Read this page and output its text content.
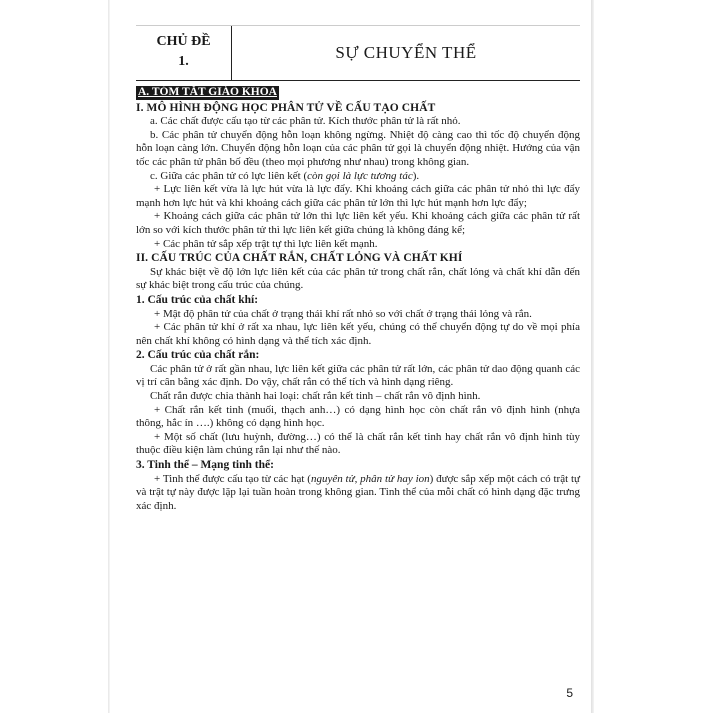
CHỦ ĐỀ
1.	SỰ CHUYỂN THỂ
A. TÓM TẮT GIÁO KHOA
I. MÔ HÌNH ĐỘNG HỌC PHÂN TỬ VỀ CẤU TẠO CHẤT

a. Các chất được cấu tạo từ các phân tử. Kích thước phân tử là rất nhỏ.

b. Các phân tử chuyển động hỗn loạn không ngừng. Nhiệt độ càng cao thì tốc độ chuyển động hỗn loạn càng lớn. Chuyển động hỗn loạn của các phân tử gọi là chuyển động nhiệt. Hướng của vận tốc các phân tử phân bố đều (theo mọi phương như nhau) trong không gian.

c. Giữa các phân tử có lực liên kết (còn gọi là lực tương tác).

+ Lực liên kết vừa là lực hút vừa là lực đẩy. Khi khoảng cách giữa các phân tử nhỏ thì lực đẩy mạnh hơn lực hút và khi khoảng cách giữa các phân tử lớn thì lực hút mạnh hơn lực đẩy;

+ Khoảng cách giữa các phân tử lớn thì lực liên kết yếu. Khi khoảng cách giữa các phân tử rất lớn so với kích thước phân tử thì lực liên kết giữa chúng là không đáng kể;

+ Các phân tử sắp xếp trật tự thì lực liên kết mạnh.

II. CẤU TRÚC CỦA CHẤT RẮN, CHẤT LỎNG VÀ CHẤT KHÍ

Sự khác biệt về độ lớn lực liên kết của các phân tử trong chất rắn, chất lỏng và chất khí dẫn đến sự khác biệt trong cấu trúc của chúng.

1. Cấu trúc của chất khí:

+ Mật độ phân tử của chất ở trạng thái khí rất nhỏ so với chất ở trạng thái lỏng và rắn.

+ Các phân tử khí ở rất xa nhau, lực liên kết yếu, chúng có thể chuyển động tự do về mọi phía nên chất khí không có hình dạng và thể tích xác định.

2. Cấu trúc của chất rắn:

Các phân tử ở rất gần nhau, lực liên kết giữa các phân tử rất lớn, các phân tử dao động quanh các vị trí cân bằng xác định. Do vậy, chất rắn có thể tích và hình dạng riêng.

Chất rắn được chia thành hai loại: chất rắn kết tinh – chất rắn vô định hình.

+ Chất rắn kết tinh (muối, thạch anh…) có dạng hình học còn chất rắn vô định hình (nhựa thông, hắc ín ….) không có dạng hình học.

+ Một số chất (lưu huỳnh, đường…) có thể là chất rắn kết tinh hay chất rắn vô định hình tùy thuộc điều kiện làm chúng rắn lại như thế nào.

3. Tinh thể – Mạng tinh thể:

+ Tinh thể được cấu tạo từ các hạt (nguyên tử, phân tử hay ion) được sắp xếp một cách có trật tự và trật tự này được lặp lại tuần hoàn trong không gian. Tinh thể của mỗi chất có hình dạng đặc trưng xác định.

5
